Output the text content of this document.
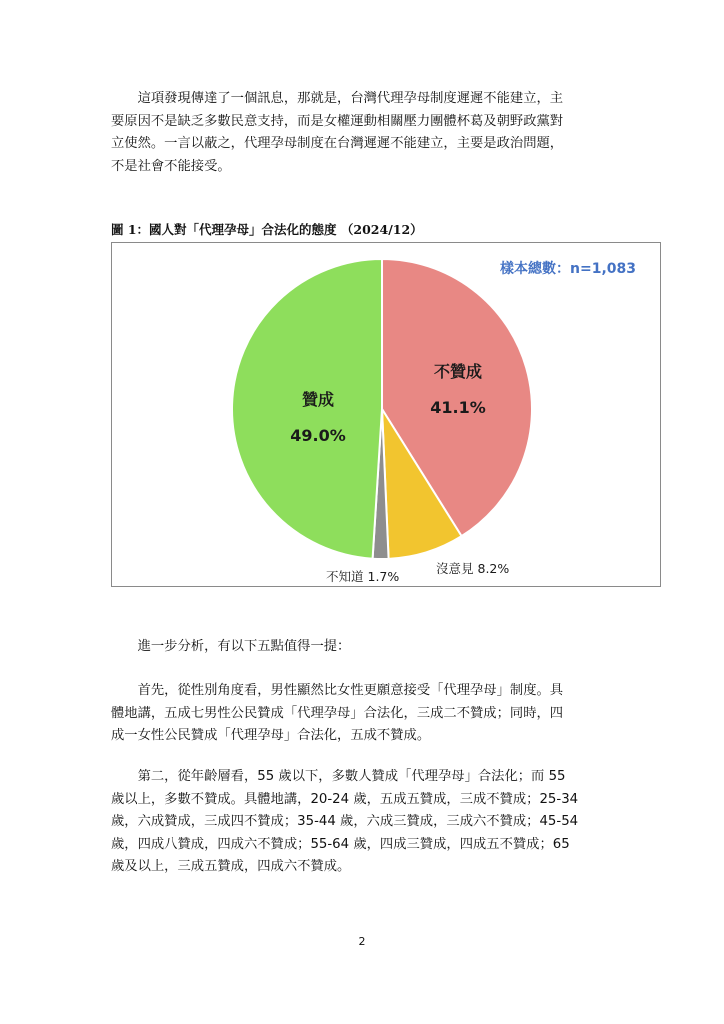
　　這項發現傳達了一個訊息，那就是，台灣代理孕母制度遲遲不能建立，主
要原因不是缺乏多數民意支持，而是女權運動相關壓力團體杯葛及朝野政黨對
立使然。一言以蔽之，代理孕母制度在台灣遲遲不能建立，主要是政治問題，
不是社會不能接受。
圖 1：國人對「代理孕母」合法化的態度 （2024/12）
樣本總數：n=1,083
不贊成
41.1%
贊成
49.0%
沒意見 8.2%
不知道 1.7%
　　進一步分析，有以下五點值得一提：
　　首先，從性別角度看，男性顯然比女性更願意接受「代理孕母」制度。具
體地講，五成七男性公民贊成「代理孕母」合法化，三成二不贊成；同時，四
成一女性公民贊成「代理孕母」合法化，五成不贊成。
　　第二，從年齡層看，55 歲以下，多數人贊成「代理孕母」合法化；而 55
歲以上，多數不贊成。具體地講，20-24 歲，五成五贊成，三成不贊成；25-34
歲，六成贊成，三成四不贊成；35-44 歲，六成三贊成，三成六不贊成；45-54
歲，四成八贊成，四成六不贊成；55-64 歲，四成三贊成，四成五不贊成；65
歲及以上，三成五贊成，四成六不贊成。
2
